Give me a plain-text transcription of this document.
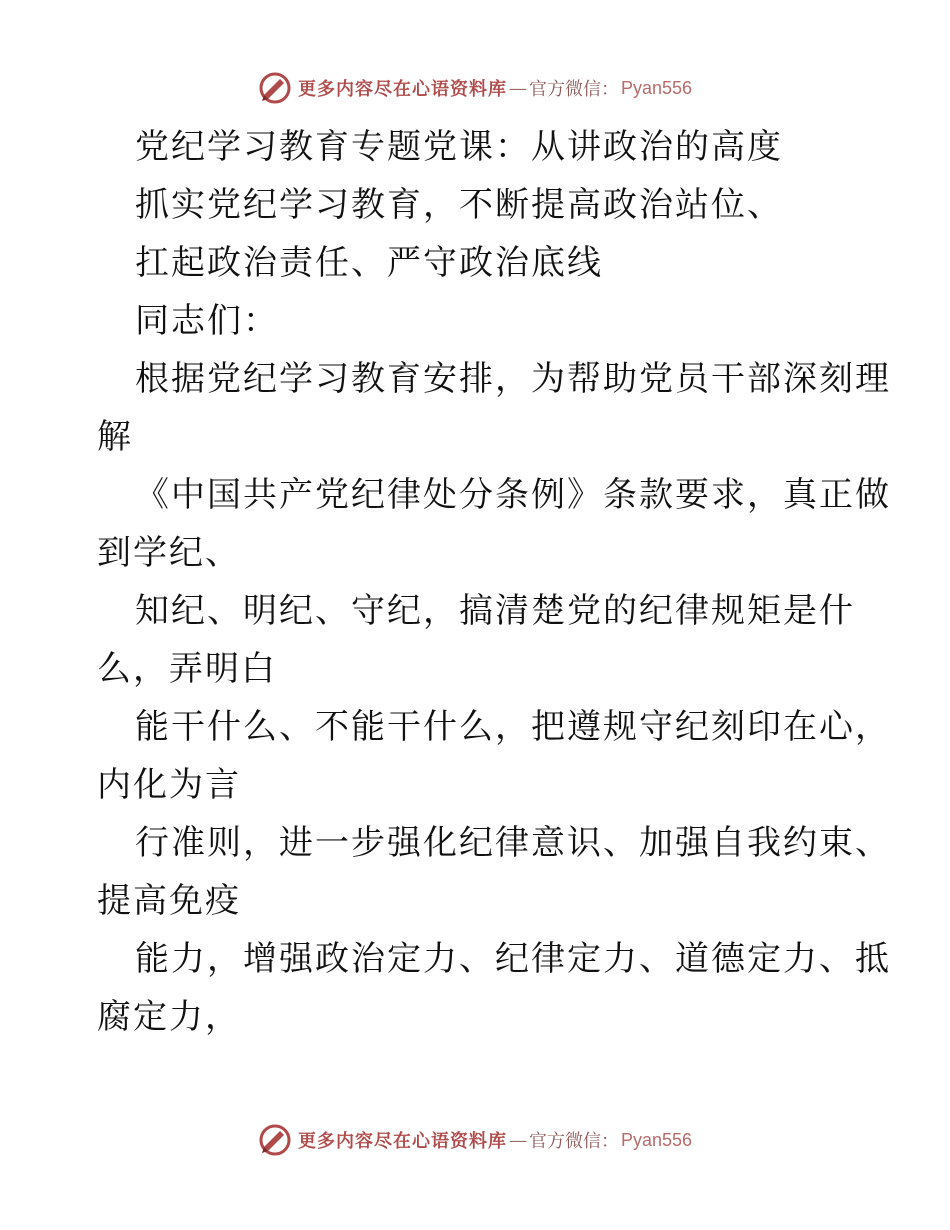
更多内容尽在心语资料库 — 官方微信： Pyan556
党纪学习教育专题党课：从讲政治的高度
抓实党纪学习教育，不断提高政治站位、
扛起政治责任、严守政治底线
同志们：
根据党纪学习教育安排，为帮助党员干部深刻理
解
《中国共产党纪律处分条例》条款要求，真正做
到学纪、
知纪、明纪、守纪，搞清楚党的纪律规矩是什
么，弄明白
能干什么、不能干什么，把遵规守纪刻印在心，
内化为言
行准则，进一步强化纪律意识、加强自我约束、
提高免疫
能力，增强政治定力、纪律定力、道德定力、抵
腐定力，
更多内容尽在心语资料库 — 官方微信： Pyan556
